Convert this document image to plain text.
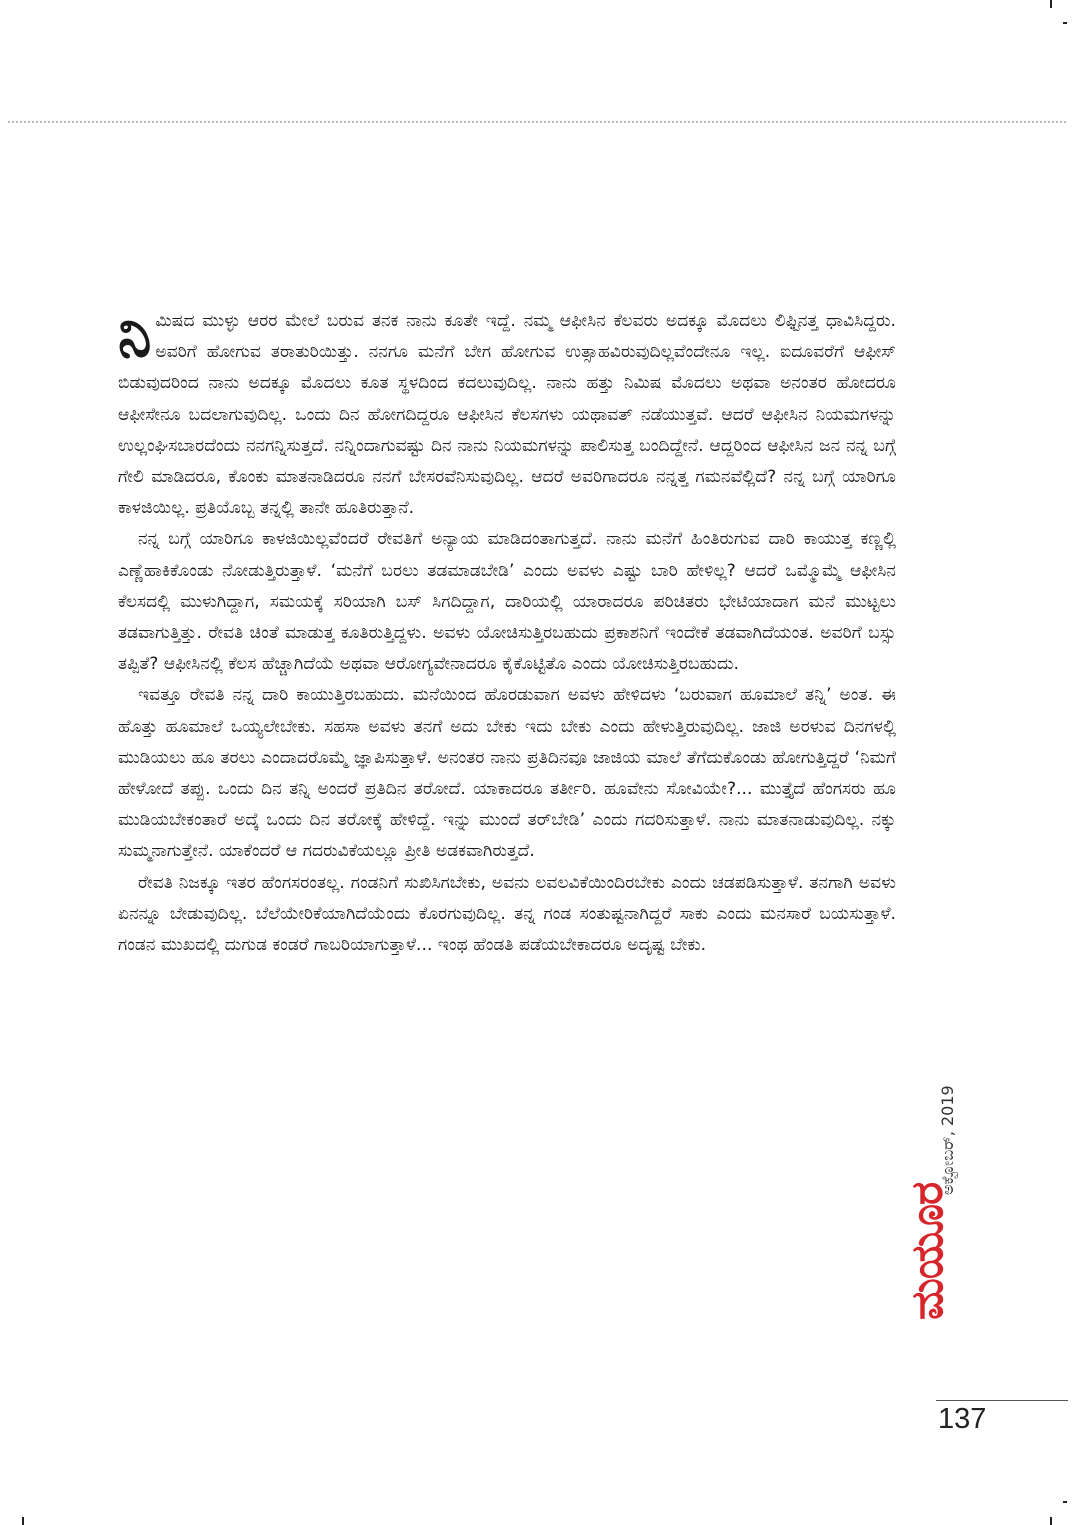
ನಿಮಿಷದ ಮುಳ್ಳು ಆರರ ಮೇಲೆ ಬರುವ ತನಕ ನಾನು ಕೂತೇ ಇದ್ದೆ. ನಮ್ಮ ಆಫೀಸಿನ ಕೆಲವರು ಅದಕ್ಕೂ ಮೊದಲು ಲಿಫ್ಟಿನತ್ತ ಧಾವಿಸಿದ್ದರು. ಅವರಿಗೆ ಹೋಗುವ ತರಾತುರಿಯಿತ್ತು. ನನಗೂ ಮನೆಗೆ ಬೇಗ ಹೋಗುವ ಉತ್ಸಾಹವಿರುವುದಿಲ್ಲವೆಂದೇನೂ ಇಲ್ಲ. ಐದೂವರೆಗೆ ಆಫೀಸ್ ಬಿಡುವುದರಿಂದ ನಾನು ಅದಕ್ಕೂ ಮೊದಲು ಕೂತ ಸ್ಥಳದಿಂದ ಕದಲುವುದಿಲ್ಲ. ನಾನು ಹತ್ತು ನಿಮಿಷ ಮೊದಲು ಅಥವಾ ಅನಂತರ ಹೋದರೂ ಆಫೀಸೇನೂ ಬದಲಾಗುವುದಿಲ್ಲ. ಒಂದು ದಿನ ಹೋಗದಿದ್ದರೂ ಆಫೀಸಿನ ಕೆಲಸಗಳು ಯಥಾವತ್ ನಡೆಯುತ್ತವೆ. ಆದರೆ ಆಫೀಸಿನ ನಿಯಮಗಳನ್ನು ಉಲ್ಲಂಘಿಸಬಾರದೆಂದು ನನಗನ್ನಿಸುತ್ತದೆ. ನನ್ನಿಂದಾಗುವಷ್ಟು ದಿನ ನಾನು ನಿಯಮಗಳನ್ನು ಪಾಲಿಸುತ್ತ ಬಂದಿದ್ದೇನೆ. ಆದ್ದರಿಂದ ಆಫೀಸಿನ ಜನ ನನ್ನ ಬಗ್ಗೆ ಗೇಲಿ ಮಾಡಿದರೂ, ಕೊಂಕು ಮಾತನಾಡಿದರೂ ನನಗೆ ಬೇಸರವೆನಿಸುವುದಿಲ್ಲ. ಆದರೆ ಅವರಿಗಾದರೂ ನನ್ನತ್ತ ಗಮನವೆಲ್ಲಿದೆ? ನನ್ನ ಬಗ್ಗೆ ಯಾರಿಗೂ ಕಾಳಜಿಯಿಲ್ಲ. ಪ್ರತಿಯೊಬ್ಬ ತನ್ನಲ್ಲಿ ತಾನೇ ಹೂತಿರುತ್ತಾನೆ.

ನನ್ನ ಬಗ್ಗೆ ಯಾರಿಗೂ ಕಾಳಜಿಯಿಲ್ಲವೆಂದರೆ ರೇವತಿಗೆ ಅನ್ಯಾಯ ಮಾಡಿದಂತಾಗುತ್ತದೆ. ನಾನು ಮನೆಗೆ ಹಿಂತಿರುಗುವ ದಾರಿ ಕಾಯುತ್ತ ಕಣ್ಣಲ್ಲಿ ಎಣ್ಣೆಹಾಕಿಕೊಂಡು ನೋಡುತ್ತಿರುತ್ತಾಳೆ. ‘ಮನೆಗೆ ಬರಲು ತಡಮಾಡಬೇಡಿ’ ಎಂದು ಅವಳು ಎಷ್ಟು ಬಾರಿ ಹೇಳಿಲ್ಲ? ಆದರೆ ಒಮ್ಮೊಮ್ಮೆ ಆಫೀಸಿನ ಕೆಲಸದಲ್ಲಿ ಮುಳುಗಿದ್ದಾಗ, ಸಮಯಕ್ಕೆ ಸರಿಯಾಗಿ ಬಸ್ ಸಿಗದಿದ್ದಾಗ, ದಾರಿಯಲ್ಲಿ ಯಾರಾದರೂ ಪರಿಚಿತರು ಭೇಟಿಯಾದಾಗ ಮನೆ ಮುಟ್ಟಲು ತಡವಾಗುತ್ತಿತ್ತು. ರೇವತಿ ಚಿಂತೆ ಮಾಡುತ್ತ ಕೂತಿರುತ್ತಿದ್ದಳು. ಅವಳು ಯೋಚಿಸುತ್ತಿರಬಹುದು ಪ್ರಕಾಶನಿಗೆ ಇಂದೇಕೆ ತಡವಾಗಿದೆಯಂತ. ಅವರಿಗೆ ಬಸ್ಸು ತಪ್ಪಿತೆ? ಆಫೀಸಿನಲ್ಲಿ ಕೆಲಸ ಹೆಚ್ಚಾಗಿದೆಯೆ ಅಥವಾ ಆರೋಗ್ಯವೇನಾದರೂ ಕೈಕೊಟ್ಟಿತೊ ಎಂದು ಯೋಚಿಸುತ್ತಿರಬಹುದು.

ಇವತ್ತೂ ರೇವತಿ ನನ್ನ ದಾರಿ ಕಾಯುತ್ತಿರಬಹುದು. ಮನೆಯಿಂದ ಹೊರಡುವಾಗ ಅವಳು ಹೇಳಿದಳು ‘ಬರುವಾಗ ಹೂಮಾಲೆ ತನ್ನಿ’ ಅಂತ. ಈ ಹೊತ್ತು ಹೂಮಾಲೆ ಒಯ್ಯಲೇಬೇಕು. ಸಹಸಾ ಅವಳು ತನಗೆ ಅದು ಬೇಕು ಇದು ಬೇಕು ಎಂದು ಹೇಳುತ್ತಿರುವುದಿಲ್ಲ. ಜಾಜಿ ಅರಳುವ ದಿನಗಳಲ್ಲಿ ಮುಡಿಯಲು ಹೂ ತರಲು ಎಂದಾದರೊಮ್ಮೆ ಜ್ಞಾಪಿಸುತ್ತಾಳೆ. ಅನಂತರ ನಾನು ಪ್ರತಿದಿನವೂ ಜಾಜಿಯ ಮಾಲೆ ತೆಗೆದುಕೊಂಡು ಹೋಗುತ್ತಿದ್ದರೆ ‘ನಿಮಗೆ ಹೇಳೋದೆ ತಪ್ಪು. ಒಂದು ದಿನ ತನ್ನಿ ಅಂದರೆ ಪ್ರತಿದಿನ ತರೋದೆ. ಯಾಕಾದರೂ ತರ್ತೀರಿ. ಹೂವೇನು ಸೋವಿಯೇ?... ಮುತ್ತೈದೆ ಹೆಂಗಸರು ಹೂ ಮುಡಿಯಬೇಕಂತಾರೆ ಅದ್ಕೆ ಒಂದು ದಿನ ತರೋಕ್ಕೆ ಹೇಳಿದ್ದೆ. ಇನ್ನು ಮುಂದೆ ತರ್‌ಬೇಡಿ’ ಎಂದು ಗದರಿಸುತ್ತಾಳೆ. ನಾನು ಮಾತನಾಡುವುದಿಲ್ಲ. ನಕ್ಕು ಸುಮ್ಮನಾಗುತ್ತೇನೆ. ಯಾಕೆಂದರೆ ಆ ಗದರುವಿಕೆಯಲ್ಲೂ ಪ್ರೀತಿ ಅಡಕವಾಗಿರುತ್ತದೆ.

ರೇವತಿ ನಿಜಕ್ಕೂ ಇತರ ಹೆಂಗಸರಂತಲ್ಲ. ಗಂಡನಿಗೆ ಸುಖಿಸಿಗಬೇಕು, ಅವನು ಲವಲವಿಕೆಯಿಂದಿರಬೇಕು ಎಂದು ಚಡಪಡಿಸುತ್ತಾಳೆ. ತನಗಾಗಿ ಅವಳು ಏನನ್ನೂ ಬೇಡುವುದಿಲ್ಲ. ಬೆಲೆಯೇರಿಕೆಯಾಗಿದೆಯೆಂದು ಕೊರಗುವುದಿಲ್ಲ. ತನ್ನ ಗಂಡ ಸಂತುಷ್ಟನಾಗಿದ್ದರೆ ಸಾಕು ಎಂದು ಮನಸಾರೆ ಬಯಸುತ್ತಾಳೆ. ಗಂಡನ ಮುಖದಲ್ಲಿ ದುಗುಡ ಕಂಡರೆ ಗಾಬರಿಯಾಗುತ್ತಾಳೆ... ಇಂಥ ಹೆಂಡತಿ ಪಡೆಯಬೇಕಾದರೂ ಅದೃಷ್ಟ ಬೇಕು.

ಅಕ್ಟೋಬರ್, 2019
ಮಯೂರ
137
